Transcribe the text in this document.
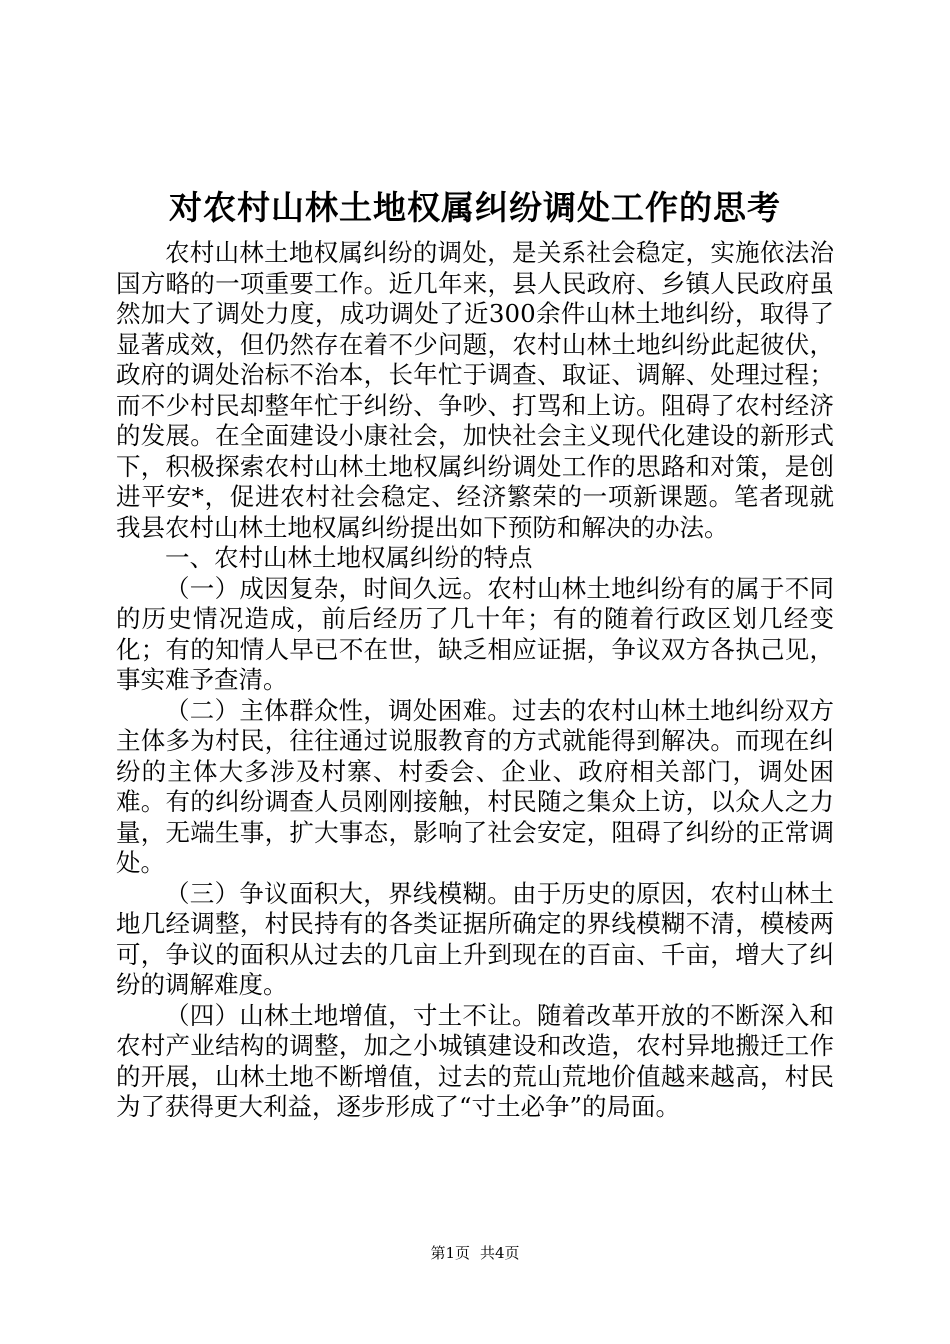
对农村山林土地权属纠纷调处工作的思考

农村山林土地权属纠纷的调处，是关系社会稳定，实施依法治国方略的一项重要工作。近几年来，县人民政府、乡镇人民政府虽然加大了调处力度，成功调处了近300余件山林土地纠纷，取得了显著成效，但仍然存在着不少问题，农村山林土地纠纷此起彼伏，政府的调处治标不治本，长年忙于调查、取证、调解、处理过程；而不少村民却整年忙于纠纷、争吵、打骂和上访。阻碍了农村经济的发展。在全面建设小康社会，加快社会主义现代化建设的新形式下，积极探索农村山林土地权属纠纷调处工作的思路和对策，是创进平安*，促进农村社会稳定、经济繁荣的一项新课题。笔者现就我县农村山林土地权属纠纷提出如下预防和解决的办法。

一、农村山林土地权属纠纷的特点

（一）成因复杂，时间久远。农村山林土地纠纷有的属于不同的历史情况造成，前后经历了几十年；有的随着行政区划几经变化；有的知情人早已不在世，缺乏相应证据，争议双方各执己见，事实难予查清。

（二）主体群众性，调处困难。过去的农村山林土地纠纷双方主体多为村民，往往通过说服教育的方式就能得到解决。而现在纠纷的主体大多涉及村寨、村委会、企业、政府相关部门，调处困难。有的纠纷调查人员刚刚接触，村民随之集众上访，以众人之力量，无端生事，扩大事态，影响了社会安定，阻碍了纠纷的正常调处。

（三）争议面积大，界线模糊。由于历史的原因，农村山林土地几经调整，村民持有的各类证据所确定的界线模糊不清，模棱两可，争议的面积从过去的几亩上升到现在的百亩、千亩，增大了纠纷的调解难度。

（四）山林土地增值，寸土不让。随着改革开放的不断深入和农村产业结构的调整，加之小城镇建设和改造，农村异地搬迁工作的开展，山林土地不断增值，过去的荒山荒地价值越来越高，村民为了获得更大利益，逐步形成了“寸土必争”的局面。

第1页 共4页
